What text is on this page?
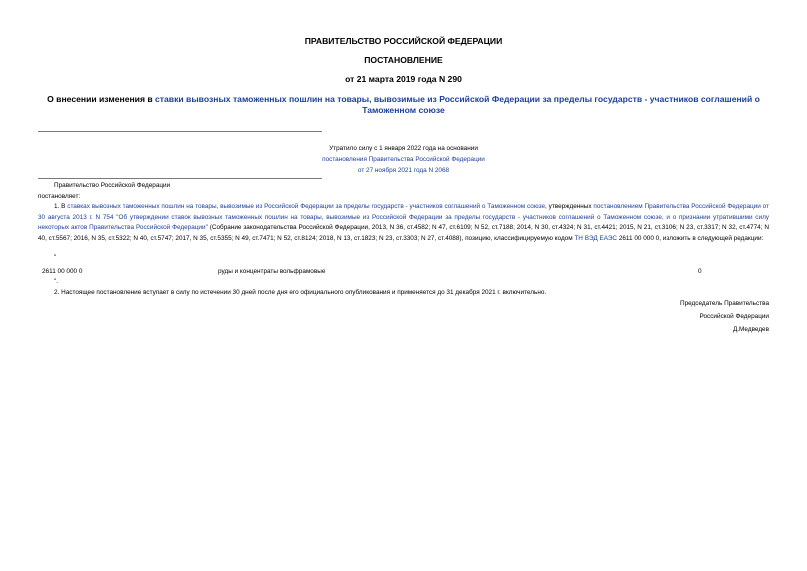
ПРАВИТЕЛЬСТВО РОССИЙСКОЙ ФЕДЕРАЦИИ
ПОСТАНОВЛЕНИЕ
от 21 марта 2019 года N 290
О внесении изменения в ставки вывозных таможенных пошлин на товары, вывозимые из Российской Федерации за пределы государств - участников соглашений о Таможенном союзе
Утратило силу с 1 января 2022 года на основании
постановления Правительства Российской Федерации
от 27 ноября 2021 года N 2068
Правительство Российской Федерации
постановляет:
1. В ставках вывозных таможенных пошлин на товары, вывозимые из Российской Федерации за пределы государств - участников соглашений о Таможенном союзе, утвержденных постановлением Правительства Российской Федерации от 30 августа 2013 г. N 754 "Об утверждении ставок вывозных таможенных пошлин на товары, вывозимые из Российской Федерации за пределы государств - участников соглашений о Таможенном союзе, и о признании утратившими силу некоторых актов Правительства Российской Федерации" (Собрание законодательства Российской Федерации, 2013, N 36, ст.4582; N 47, ст.6109; N 52, ст.7188; 2014, N 30, ст.4324; N 31, ст.4421; 2015, N 21, ст.3106; N 23, ст.3317; N 32, ст.4774; N 40, ст.5567; 2016, N 35, ст.5322; N 40, ст.5747; 2017, N 35, ст.5355; N 49, ст.7471; N 52, ст.8124; 2018, N 13, ст.1823; N 23, ст.3303; N 27, ст.4088), позицию, классифицируемую кодом ТН ВЭД ЕАЭС 2611 00 000 0, изложить в следующей редакции:
"
2611 00 000 0	руды и концентраты вольфрамовые	0
".
2. Настоящее постановление вступает в силу по истечении 30 дней после дня его официального опубликования и применяется до 31 декабря 2021 г. включительно.
Председатель Правительства
Российской Федерации
Д.Медведев
